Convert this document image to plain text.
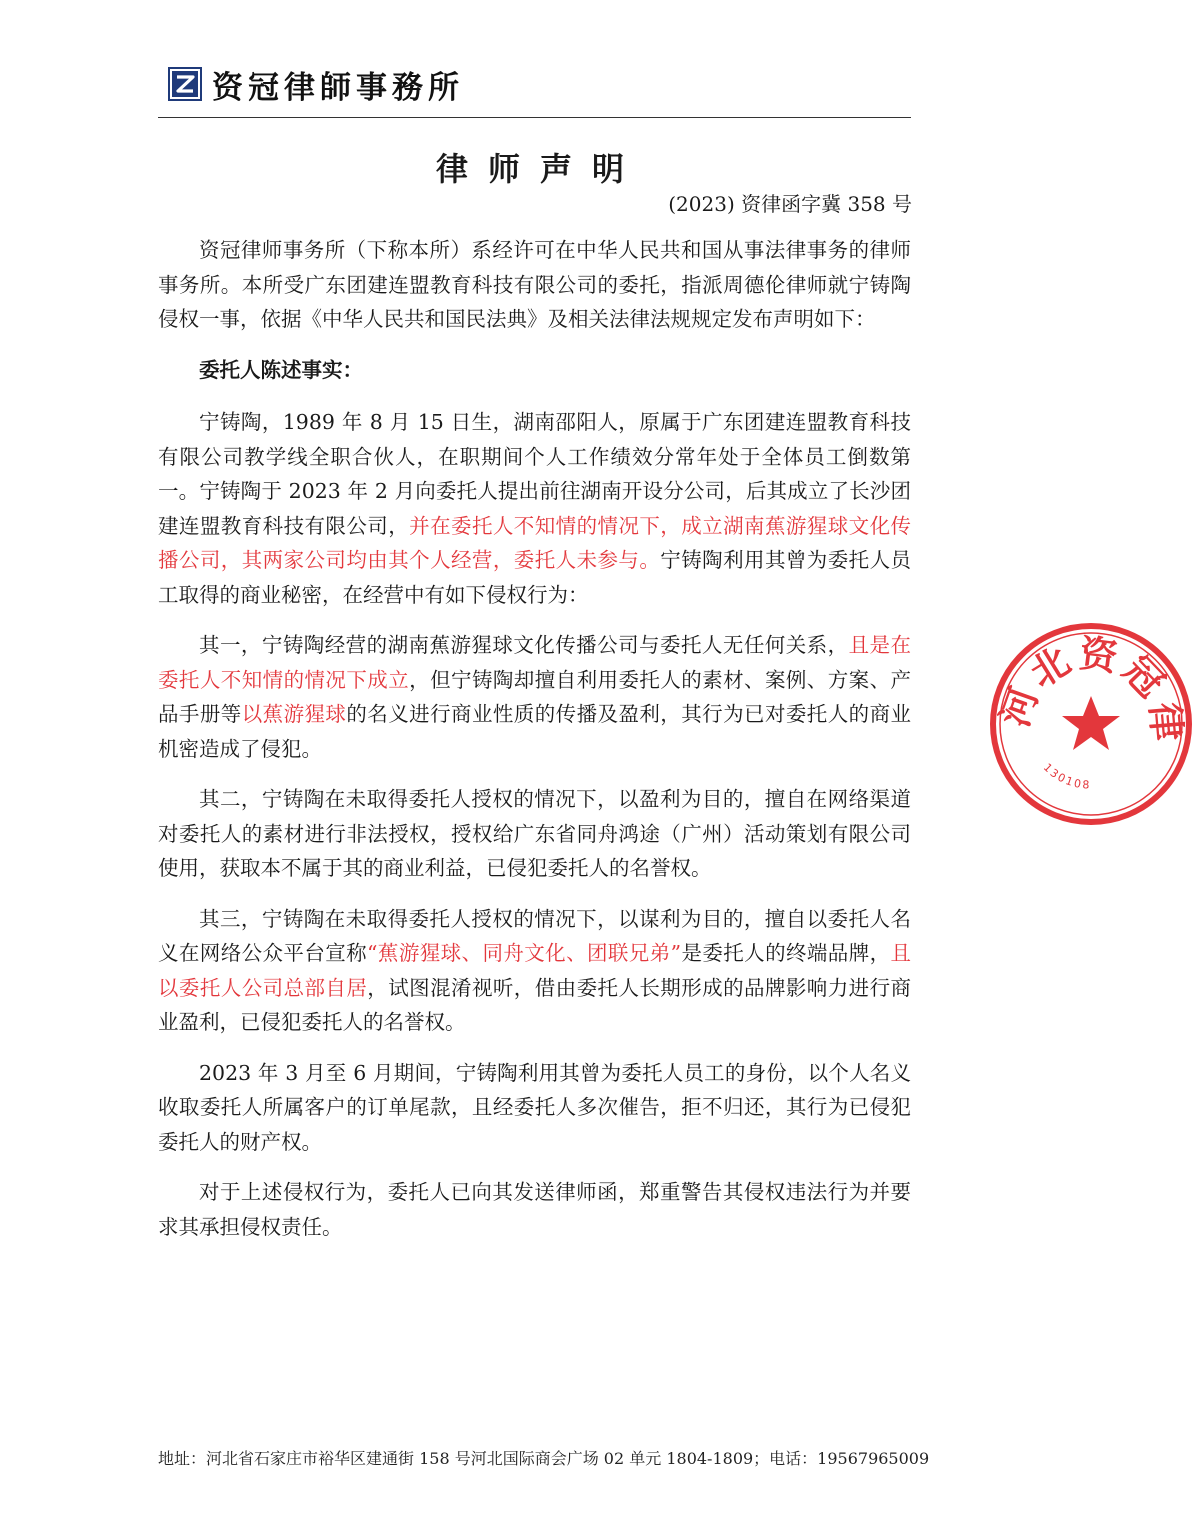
资冠律師事務所
律师声明
(2023) 资律函字冀 358 号

资冠律师事务所（下称本所）系经许可在中华人民共和国从事法律事务的律师事务所。本所受广东团建连盟教育科技有限公司的委托，指派周德伦律师就宁铸陶侵权一事，依据《中华人民共和国民法典》及相关法律法规规定发布声明如下：

委托人陈述事实：

宁铸陶，1989 年 8 月 15 日生，湖南邵阳人，原属于广东团建连盟教育科技有限公司教学线全职合伙人，在职期间个人工作绩效分常年处于全体员工倒数第一。宁铸陶于 2023 年 2 月向委托人提出前往湖南开设分公司，后其成立了长沙团建连盟教育科技有限公司，并在委托人不知情的情况下，成立湖南蕉游猩球文化传播公司，其两家公司均由其个人经营，委托人未参与。宁铸陶利用其曾为委托人员工取得的商业秘密，在经营中有如下侵权行为：

其一，宁铸陶经营的湖南蕉游猩球文化传播公司与委托人无任何关系，且是在委托人不知情的情况下成立，但宁铸陶却擅自利用委托人的素材、案例、方案、产品手册等以蕉游猩球的名义进行商业性质的传播及盈利，其行为已对委托人的商业机密造成了侵犯。

其二，宁铸陶在未取得委托人授权的情况下，以盈利为目的，擅自在网络渠道对委托人的素材进行非法授权，授权给广东省同舟鸿途（广州）活动策划有限公司使用，获取本不属于其的商业利益，已侵犯委托人的名誉权。

其三，宁铸陶在未取得委托人授权的情况下，以谋利为目的，擅自以委托人名义在网络公众平台宣称“蕉游猩球、同舟文化、团联兄弟”是委托人的终端品牌，且以委托人公司总部自居，试图混淆视听，借由委托人长期形成的品牌影响力进行商业盈利，已侵犯委托人的名誉权。

2023 年 3 月至 6 月期间，宁铸陶利用其曾为委托人员工的身份，以个人名义收取委托人所属客户的订单尾款，且经委托人多次催告，拒不归还，其行为已侵犯委托人的财产权。

对于上述侵权行为，委托人已向其发送律师函，郑重警告其侵权违法行为并要求其承担侵权责任。

河北资冠律
130108
地址：河北省石家庄市裕华区建通街 158 号河北国际商会广场 02 单元 1804-1809；电话：19567965009
